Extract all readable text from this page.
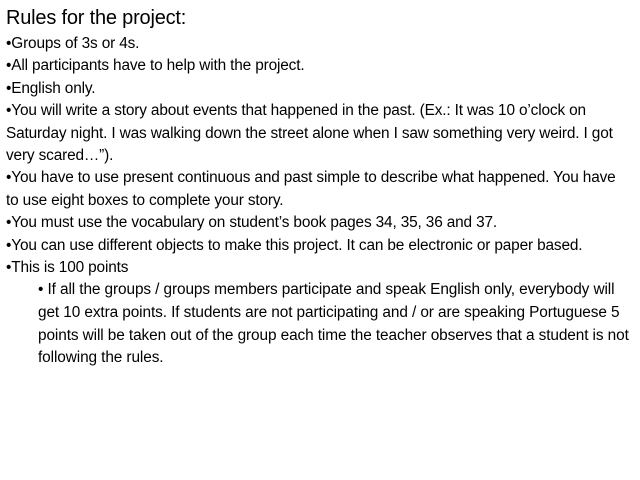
Rules for the project:
•Groups of 3s or 4s.
•All participants have to help with the project.
•English only.
•You will write a story about events that happened in the past. (Ex.: It was 10 o’clock on Saturday night. I was walking down the street alone when I saw something very weird. I got very scared…”).
•You have to use present continuous and past simple to describe what happened. You have to use eight boxes to complete your story.
•You must use the vocabulary on student’s book pages 34, 35, 36 and 37.
•You can use different objects to make this project. It can be electronic or paper based.
•This is 100 points
• If all the groups / groups members participate and speak English only, everybody will get 10 extra points. If students are not participating and / or are speaking Portuguese 5 points will be taken out of the group each time the teacher observes that a student is not following the rules.
